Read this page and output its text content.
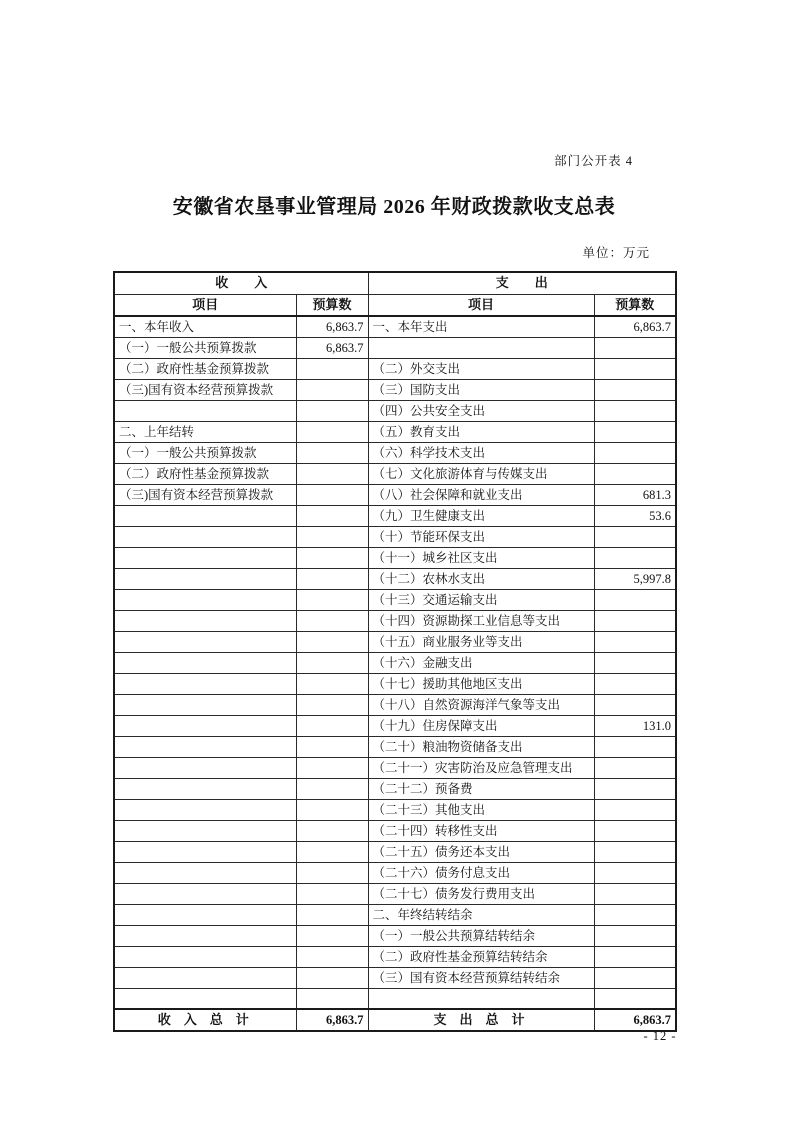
部门公开表 4
安徽省农垦事业管理局 2026 年财政拨款收支总表
单位：万元
收　　入		支　　出	
项目	预算数	项目	预算数
一、本年收入	6,863.7	一、本年支出	6,863.7
（一）一般公共预算拨款	6,863.7		
（二）政府性基金预算拨款		（二）外交支出	
（三)国有资本经营预算拨款		（三）国防支出	
		（四）公共安全支出	
二、上年结转		（五）教育支出	
（一）一般公共预算拨款		（六）科学技术支出	
（二）政府性基金预算拨款		（七）文化旅游体育与传媒支出	
（三)国有资本经营预算拨款		（八）社会保障和就业支出	681.3
		（九）卫生健康支出	53.6
		（十）节能环保支出	
		（十一）城乡社区支出	
		（十二）农林水支出	5,997.8
		（十三）交通运输支出	
		（十四）资源勘探工业信息等支出	
		（十五）商业服务业等支出	
		（十六）金融支出	
		（十七）援助其他地区支出	
		（十八）自然资源海洋气象等支出	
		（十九）住房保障支出	131.0
		（二十）粮油物资储备支出	
		（二十一）灾害防治及应急管理支出	
		（二十二）预备费	
		（二十三）其他支出	
		（二十四）转移性支出	
		（二十五）债务还本支出	
		（二十六）债务付息支出	
		（二十七）债务发行费用支出	
		二、年终结转结余	
		（一）一般公共预算结转结余	
		（二）政府性基金预算结转结余	
		（三）国有资本经营预算结转结余	

收　入　总　计	6,863.7	支　出　总　计	6,863.7
- 12 -
